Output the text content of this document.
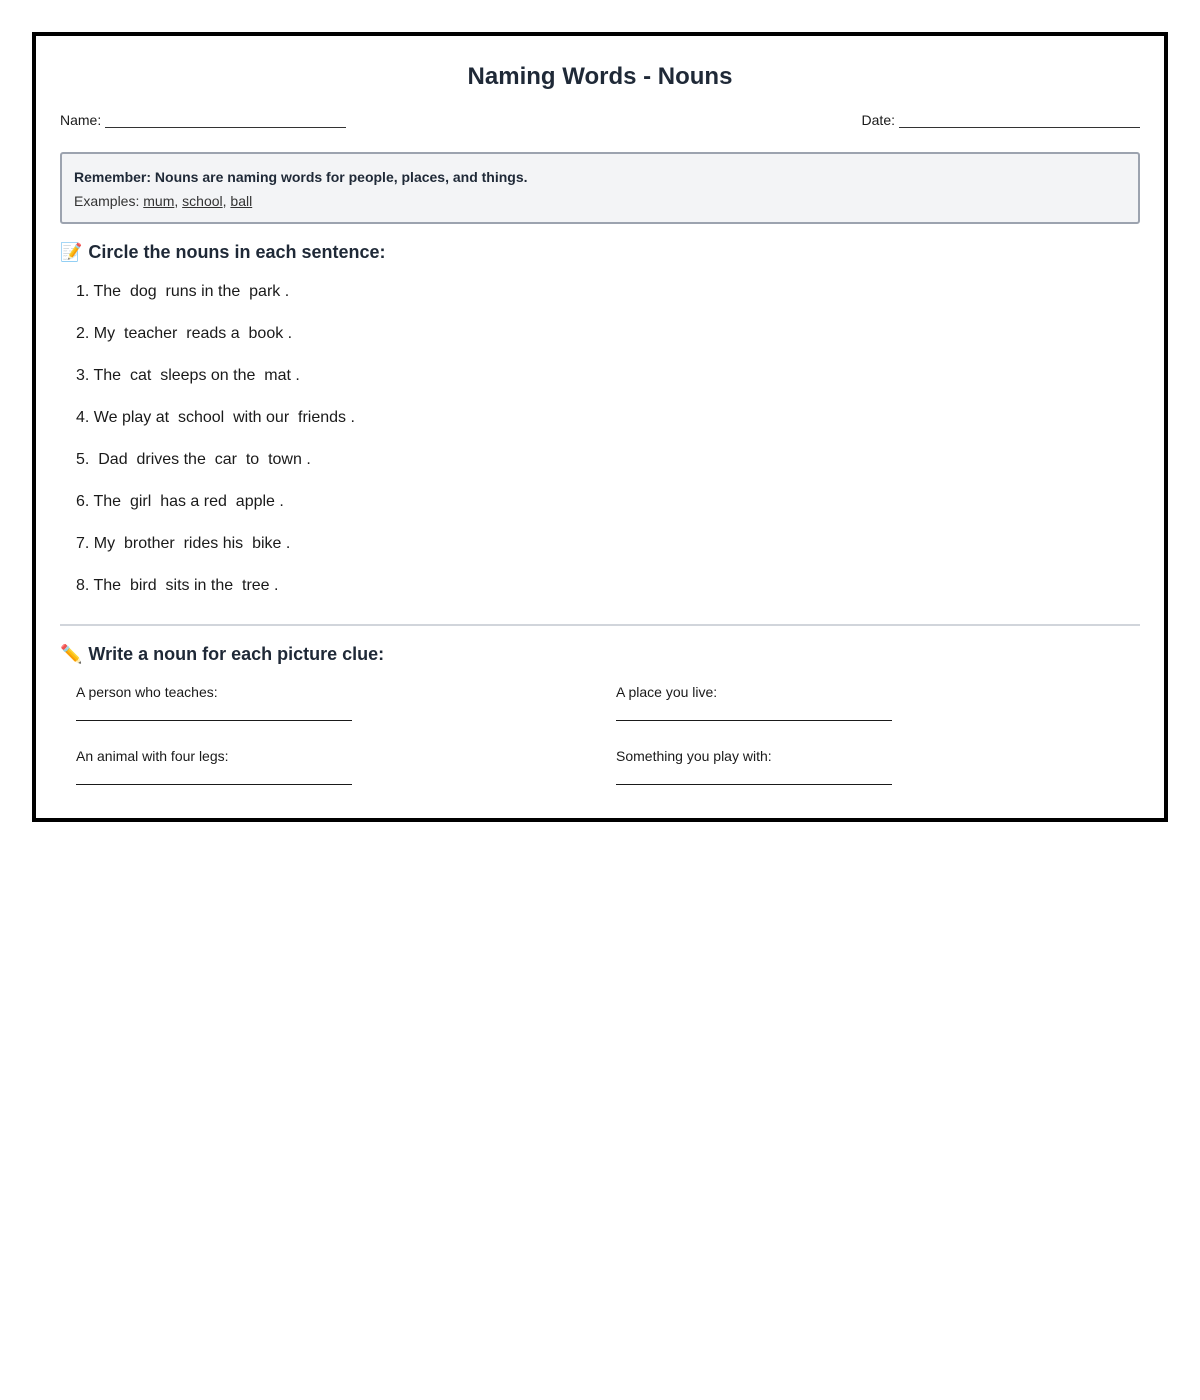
Naming Words - Nouns
Name:	Date:
Remember: Nouns are naming words for people, places, and things.
Examples: mum, school, ball
📝 Circle the nouns in each sentence:
1. The  dog  runs in the  park .
2. My  teacher  reads a  book .
3. The  cat  sleeps on the  mat .
4. We play at  school  with our  friends .
5.  Dad  drives the  car  to  town .
6. The  girl  has a red  apple .
7. My  brother  rides his  bike .
8. The  bird  sits in the  tree .
✏️ Write a noun for each picture clue:
A person who teaches:	A place you live:
An animal with four legs:	Something you play with:
